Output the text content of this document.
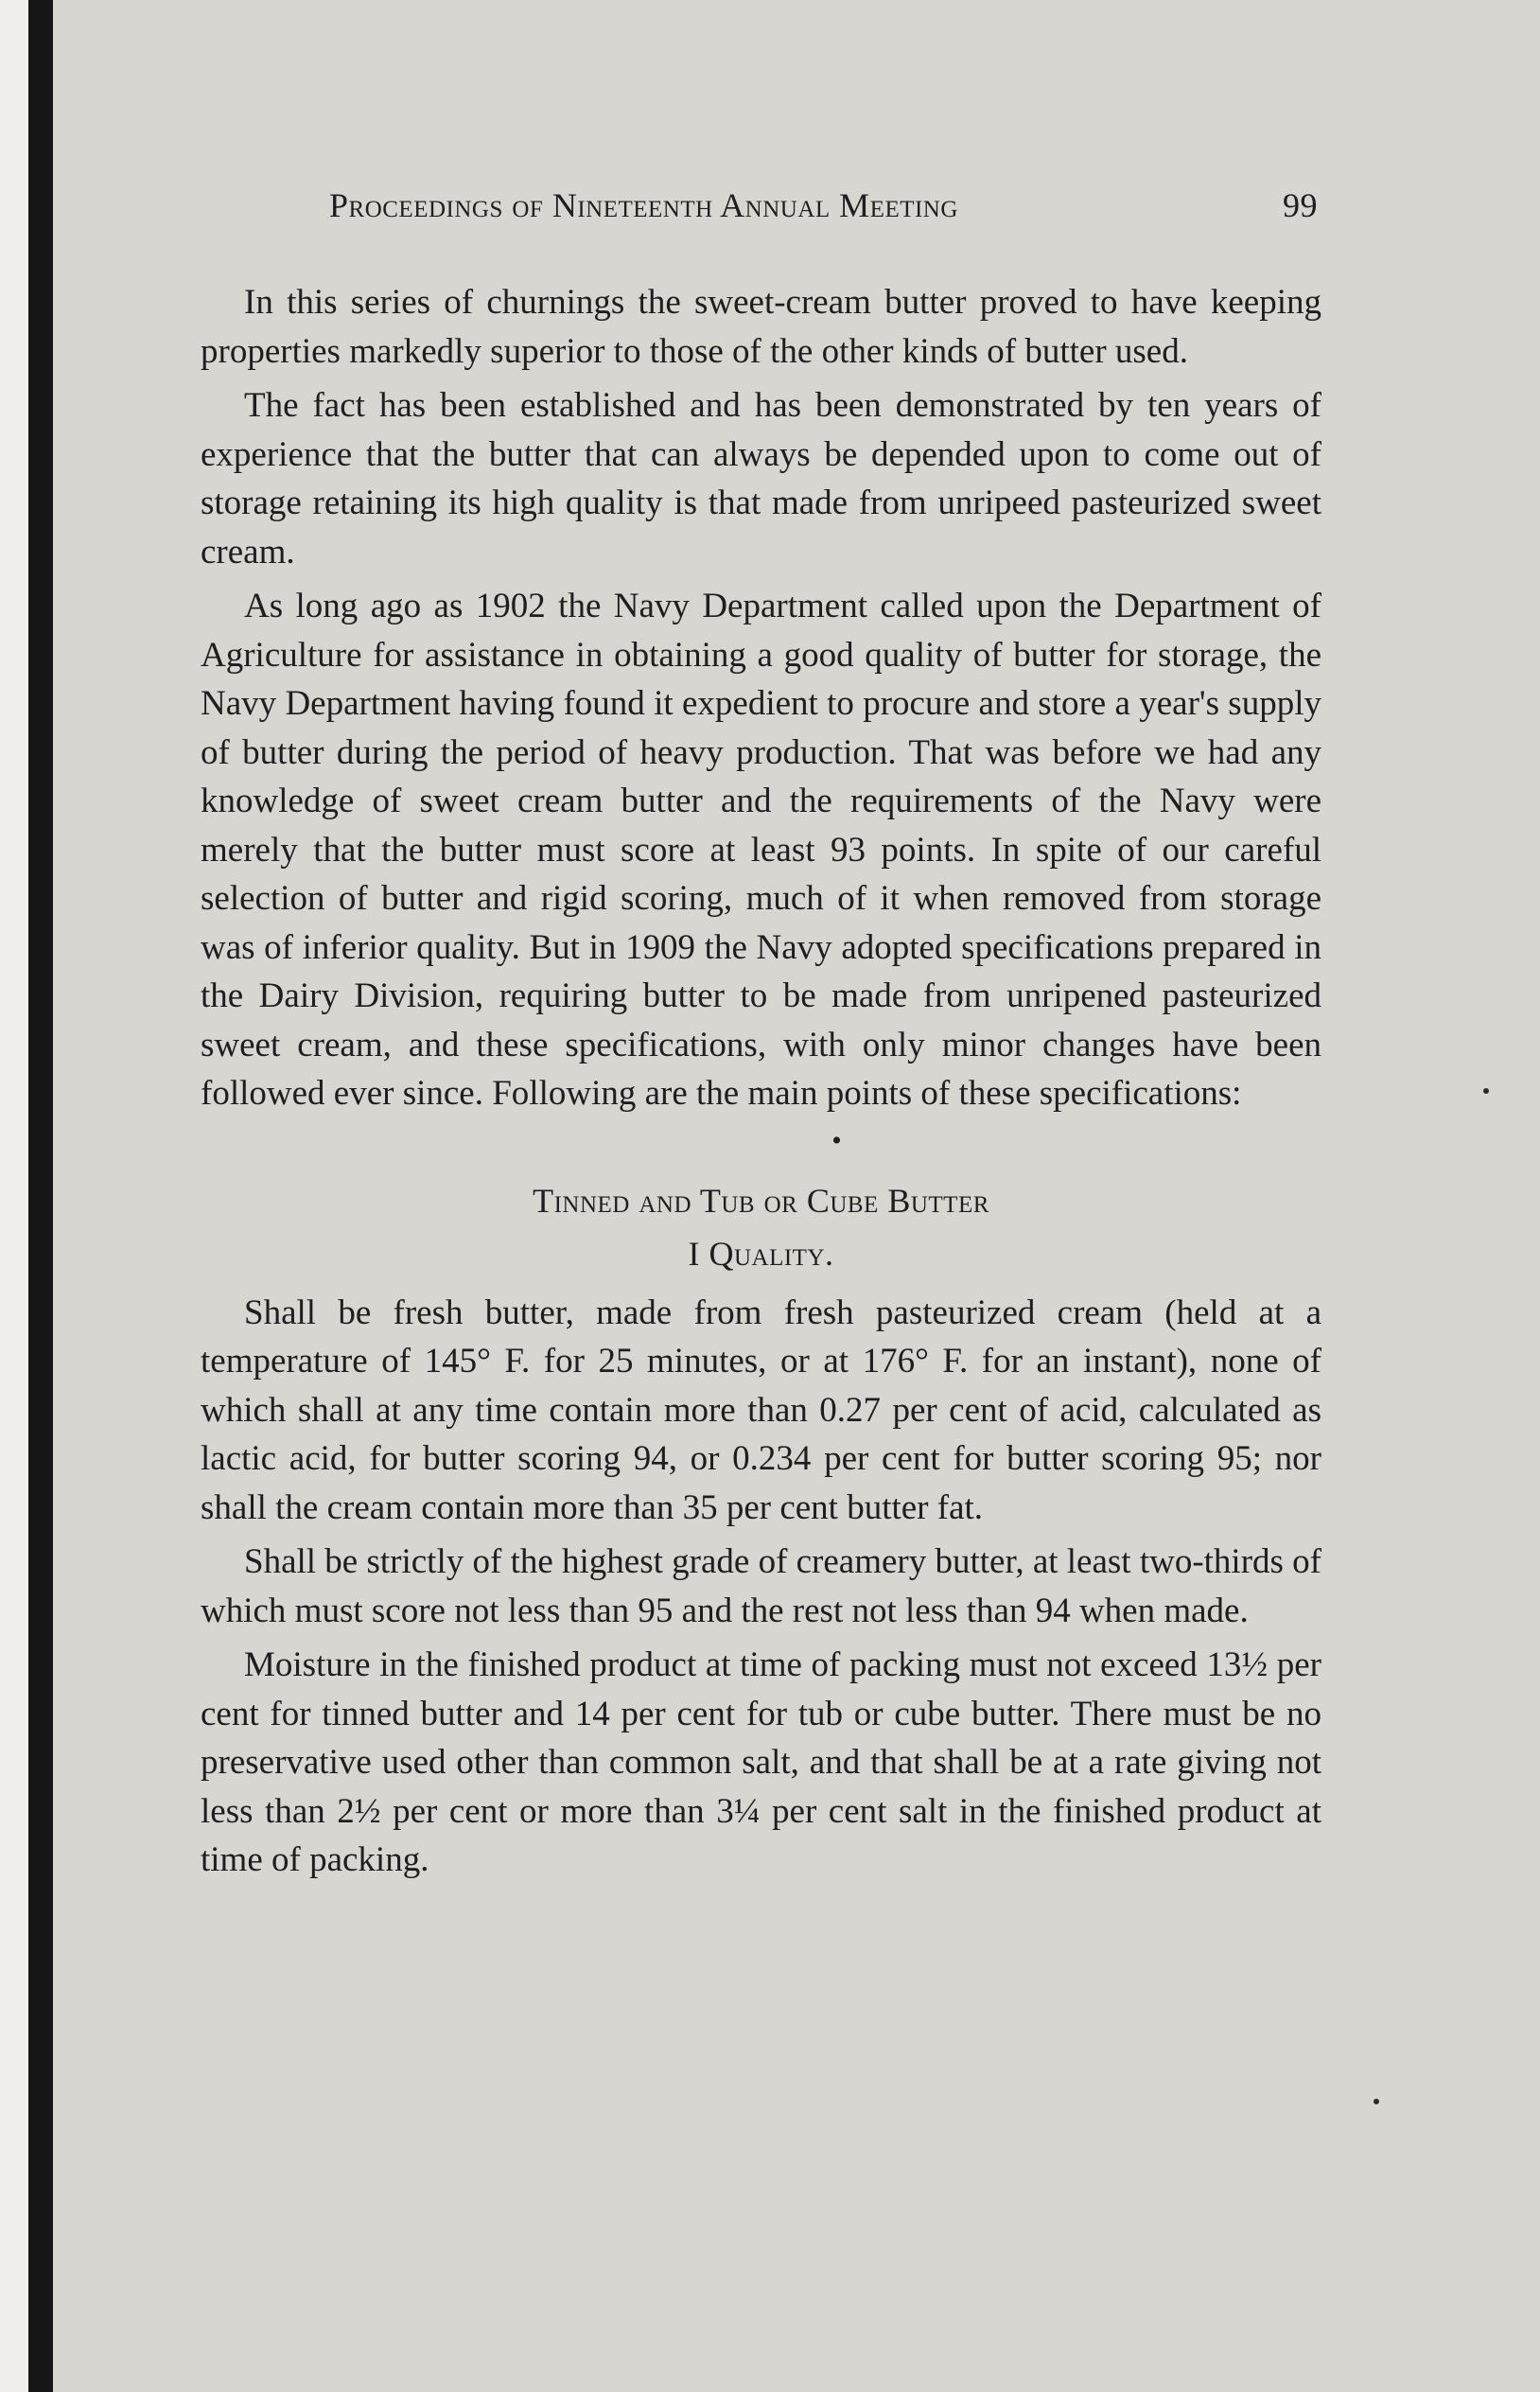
Proceedings of Nineteenth Annual Meeting	99

In this series of churnings the sweet-cream butter proved to have keeping properties markedly superior to those of the other kinds of butter used.

The fact has been established and has been demonstrated by ten years of experience that the butter that can always be depended upon to come out of storage retaining its high quality is that made from unripeed pasteurized sweet cream.

As long ago as 1902 the Navy Department called upon the Department of Agriculture for assistance in obtaining a good quality of butter for storage, the Navy Department having found it expedient to procure and store a year's supply of butter during the period of heavy production. That was before we had any knowledge of sweet cream butter and the requirements of the Navy were merely that the butter must score at least 93 points. In spite of our careful selection of butter and rigid scoring, much of it when removed from storage was of inferior quality. But in 1909 the Navy adopted specifications prepared in the Dairy Division, requiring butter to be made from unripened pasteurized sweet cream, and these specifications, with only minor changes have been followed ever since. Following are the main points of these specifications:

•
Tinned and Tub or Cube Butter
I Quality.

Shall be fresh butter, made from fresh pasteurized cream (held at a temperature of 145° F. for 25 minutes, or at 176° F. for an instant), none of which shall at any time contain more than 0.27 per cent of acid, calculated as lactic acid, for butter scoring 94, or 0.234 per cent for butter scoring 95; nor shall the cream contain more than 35 per cent butter fat.

Shall be strictly of the highest grade of creamery butter, at least two-thirds of which must score not less than 95 and the rest not less than 94 when made.

Moisture in the finished product at time of packing must not exceed 13½ per cent for tinned butter and 14 per cent for tub or cube butter. There must be no preservative used other than common salt, and that shall be at a rate giving not less than 2½ per cent or more than 3¼ per cent salt in the finished product at time of packing.
